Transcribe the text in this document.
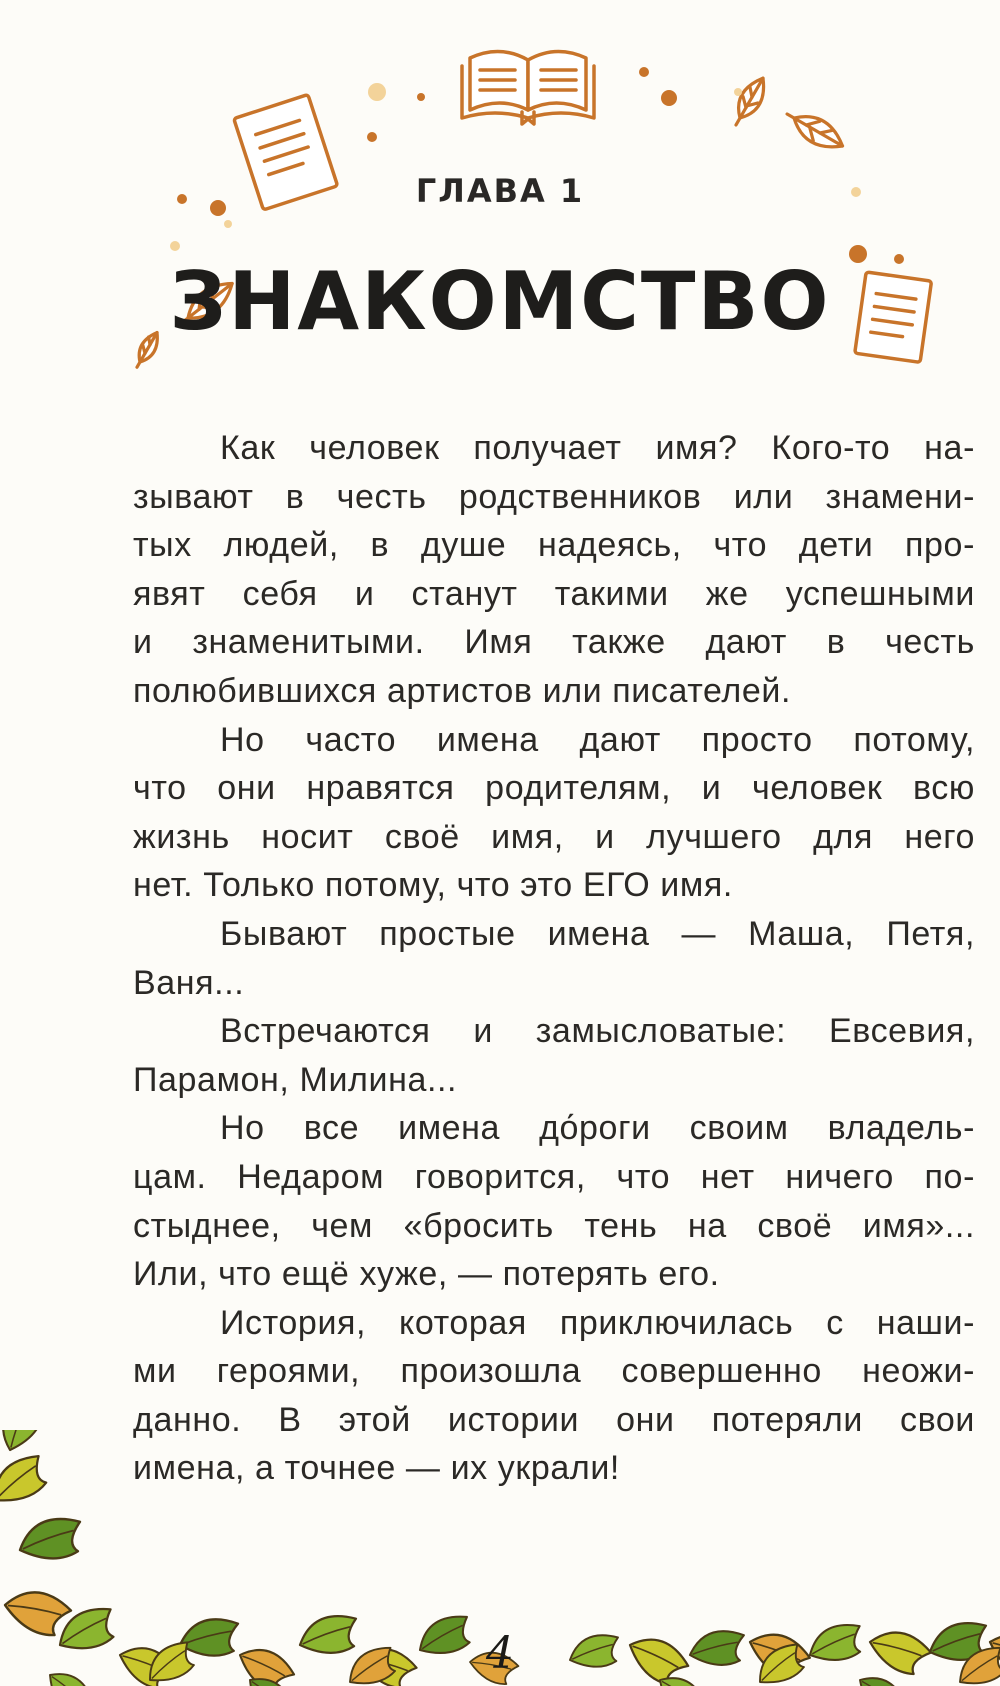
ГЛАВА 1
ЗНАКОМСТВО
Как человек получает имя? Кого-то на-
зывают в честь родственников или знамени-
тых людей, в душе надеясь, что дети про-
явят себя и станут такими же успешными
и знаменитыми. Имя также дают в честь
полюбившихся артистов или писателей.
Но часто имена дают просто потому,
что они нравятся родителям, и человек всю
жизнь носит своё имя, и лучшего для него
нет. Только потому, что это ЕГО имя.
Бывают простые имена — Маша, Петя,
Ваня...
Встречаются и замысловатые: Евсевия,
Парамон, Милина...
Но все имена до́роги своим владель-
цам. Недаром говорится, что нет ничего по-
стыднее, чем «бросить тень на своё имя»...
Или, что ещё хуже, — потерять его.
История, которая приключилась с наши-
ми героями, произошла совершенно неожи-
данно. В этой истории они потеряли свои
имена, а точнее — их украли!
4
